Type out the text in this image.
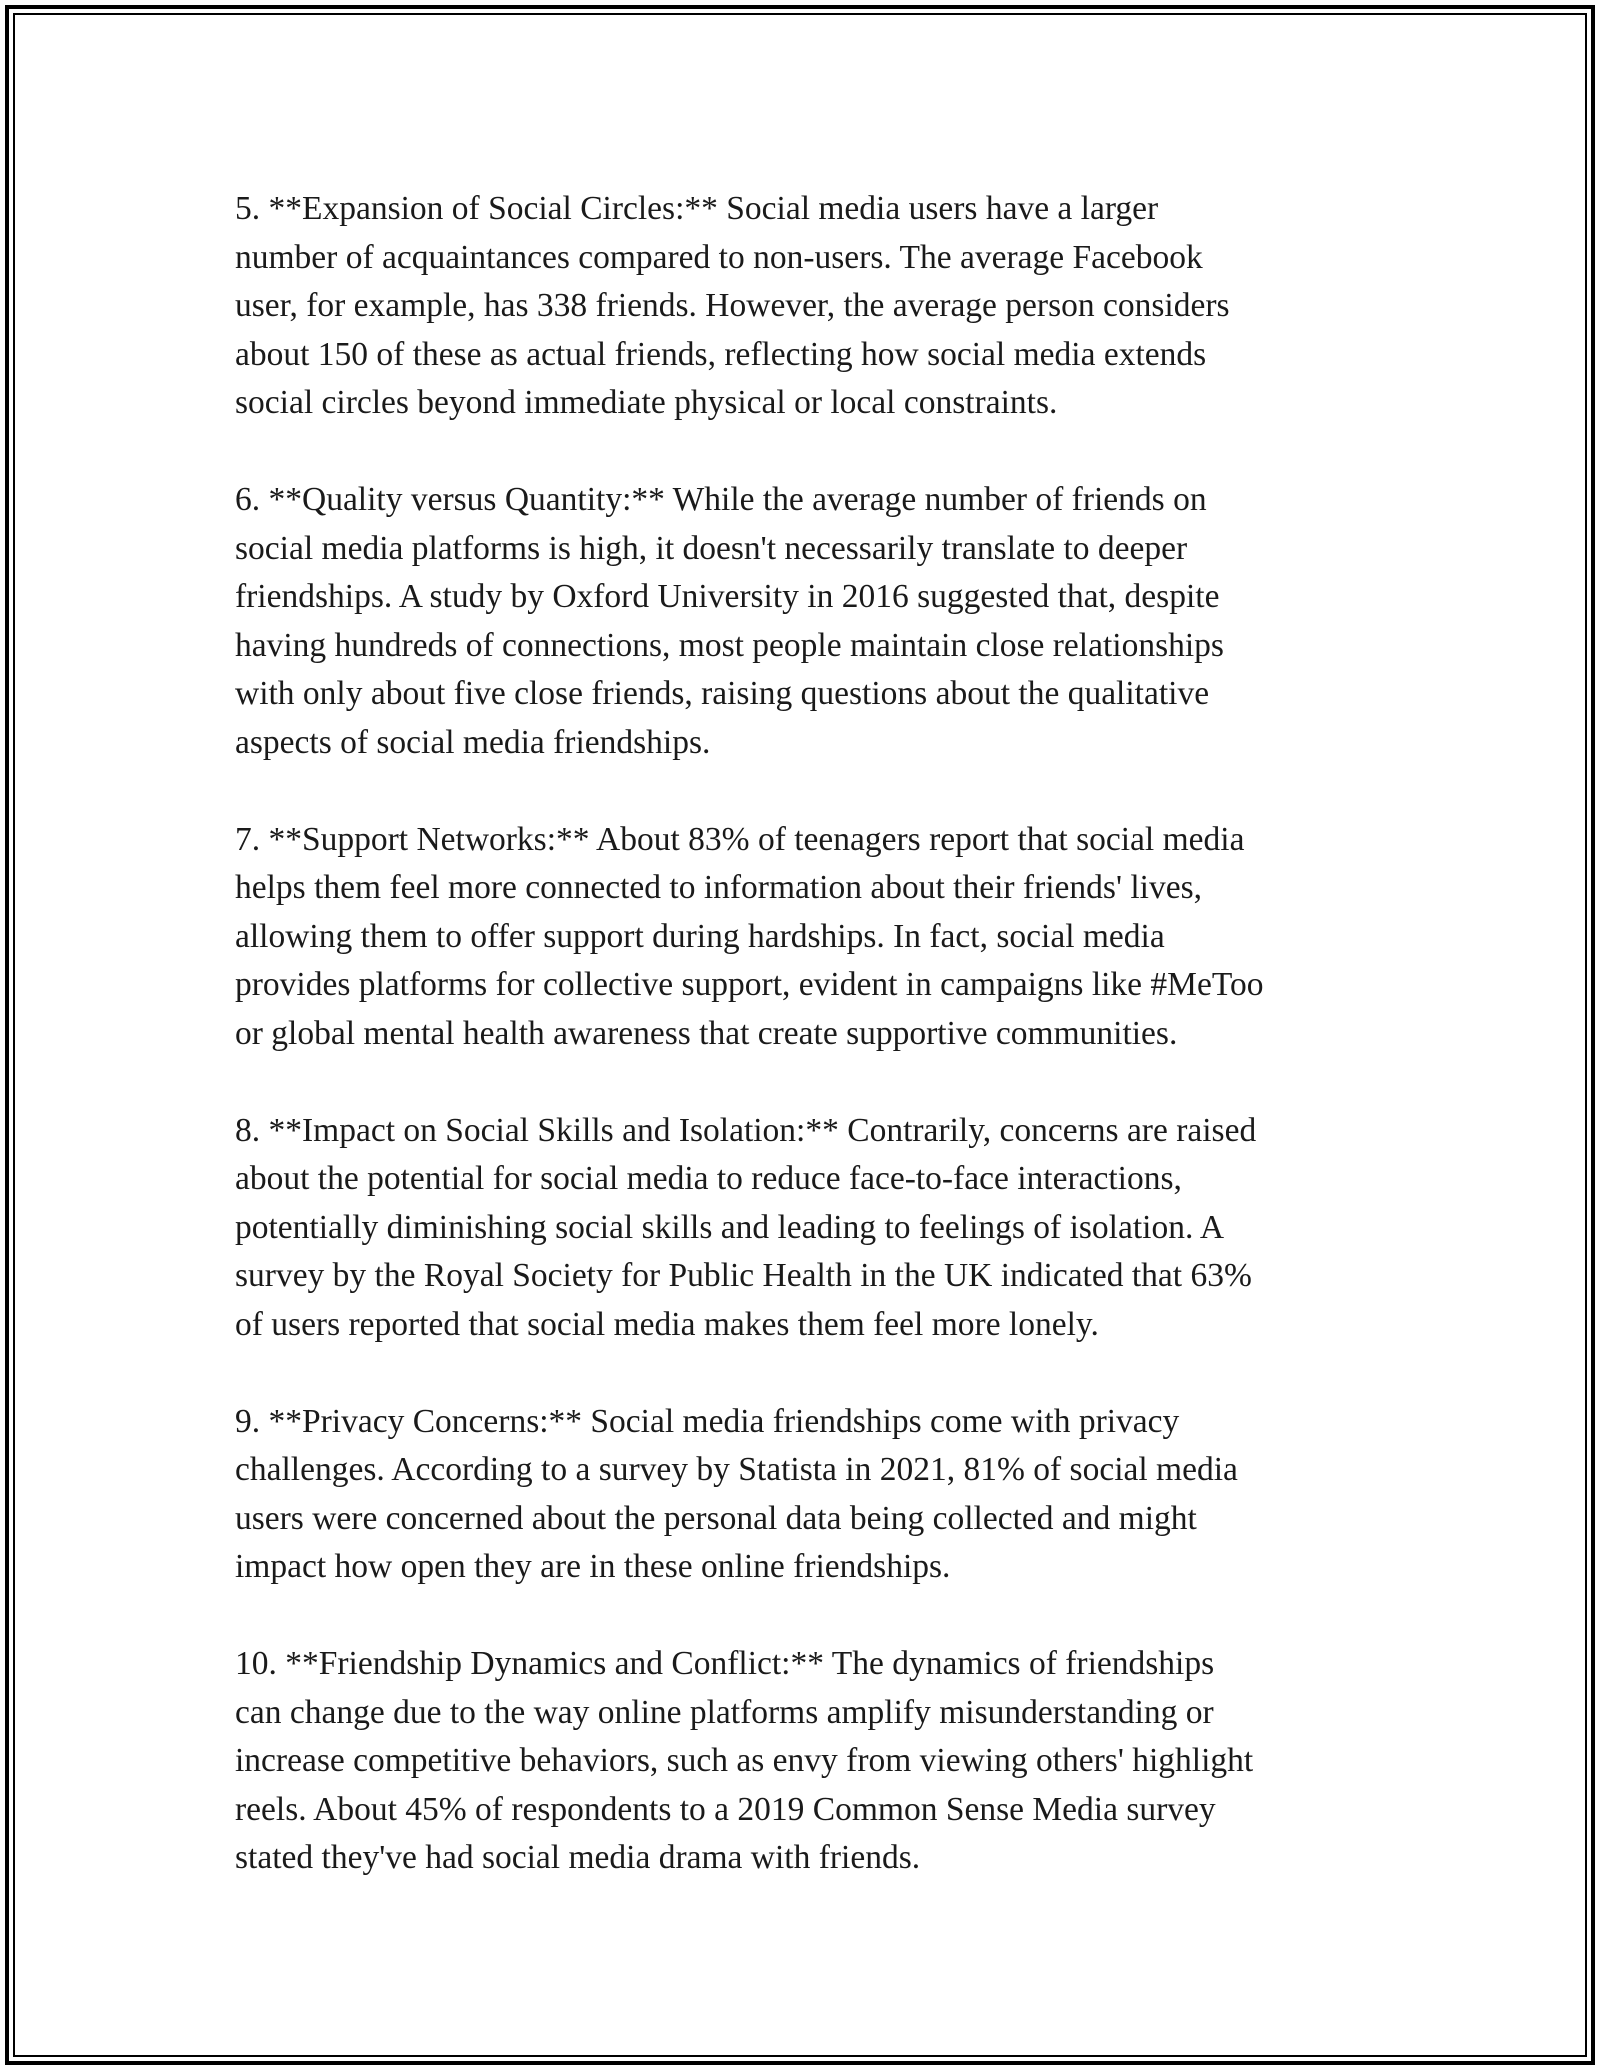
5. **Expansion of Social Circles:** Social media users have a larger
number of acquaintances compared to non-users. The average Facebook
user, for example, has 338 friends. However, the average person considers
about 150 of these as actual friends, reflecting how social media extends
social circles beyond immediate physical or local constraints.

6. **Quality versus Quantity:** While the average number of friends on
social media platforms is high, it doesn't necessarily translate to deeper
friendships. A study by Oxford University in 2016 suggested that, despite
having hundreds of connections, most people maintain close relationships
with only about five close friends, raising questions about the qualitative
aspects of social media friendships.

7. **Support Networks:** About 83% of teenagers report that social media
helps them feel more connected to information about their friends' lives,
allowing them to offer support during hardships. In fact, social media
provides platforms for collective support, evident in campaigns like #MeToo
or global mental health awareness that create supportive communities.

8. **Impact on Social Skills and Isolation:** Contrarily, concerns are raised
about the potential for social media to reduce face-to-face interactions,
potentially diminishing social skills and leading to feelings of isolation. A
survey by the Royal Society for Public Health in the UK indicated that 63%
of users reported that social media makes them feel more lonely.

9. **Privacy Concerns:** Social media friendships come with privacy
challenges. According to a survey by Statista in 2021, 81% of social media
users were concerned about the personal data being collected and might
impact how open they are in these online friendships.

10. **Friendship Dynamics and Conflict:** The dynamics of friendships
can change due to the way online platforms amplify misunderstanding or
increase competitive behaviors, such as envy from viewing others' highlight
reels. About 45% of respondents to a 2019 Common Sense Media survey
stated they've had social media drama with friends.
